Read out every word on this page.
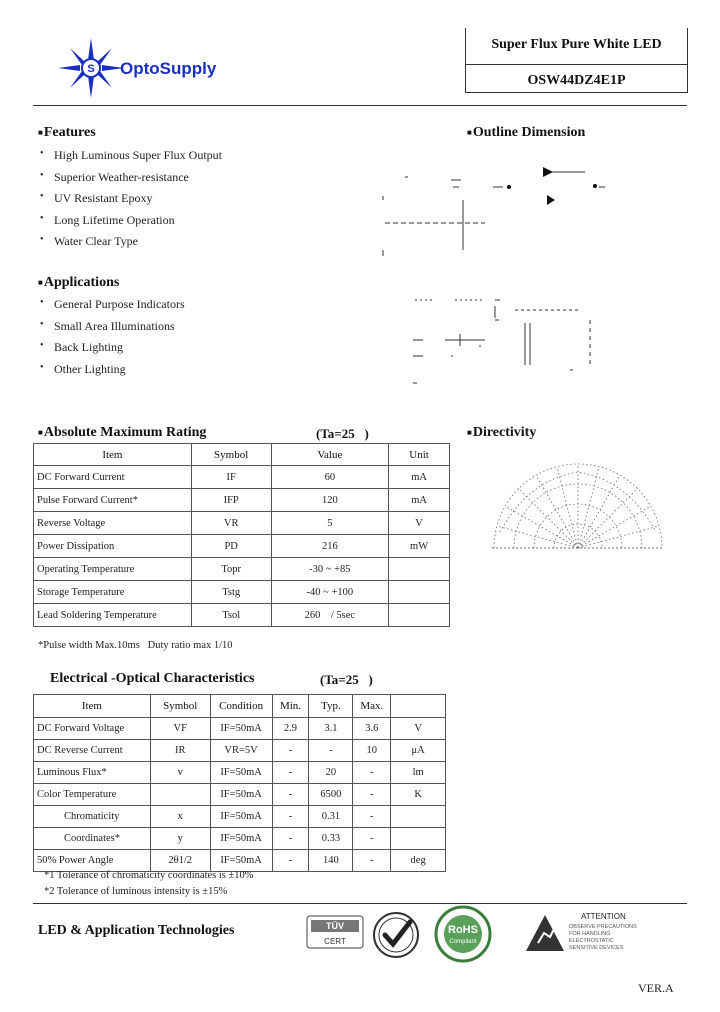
S OptoSupply
Super Flux Pure White LED
OSW44DZ4E1P
■Features
• High Luminous Super Flux Output
• Superior Weather-resistance
• UV Resistant Epoxy
• Long Lifetime Operation
• Water Clear Type
■Applications
• General Purpose Indicators
• Small Area Illuminations
• Back Lighting
• Other Lighting
■Outline Dimension
■Absolute Maximum Rating	(Ta=25   )
Item	Symbol	Value	Unit
DC Forward Current	IF	60	mA
Pulse Forward Current*	IFP	120	mA
Reverse Voltage	VR	5	V
Power Dissipation	PD	216	mW
Operating Temperature	Topr	-30 ~ +85	
Storage Temperature	Tstg	-40 ~ +100	
Lead Soldering Temperature	Tsol	260    / 5sec	
*Pulse width Max.10ms   Duty ratio max 1/10
■Directivity
Electrical -Optical Characteristics	(Ta=25   )
Item	Symbol	Condition	Min.	Typ.	Max.	
DC Forward Voltage	VF	IF=50mA	2.9	3.1	3.6	V
DC Reverse Current	IR	VR=5V	-	-	10	μA
Luminous Flux*	v	IF=50mA	-	20	-	lm
Color Temperature		IF=50mA	-	6500	-	K
Chromaticity	x	IF=50mA	-	0.31	-	
Coordinates*	y	IF=50mA	-	0.33	-	
50% Power Angle	2θ1/2	IF=50mA	-	140	-	deg
*1 Tolerance of chromaticity coordinates is ±10%
*2 Tolerance of luminous intensity is ±15%
LED & Application Technologies
CERT
TÜV	RoHS
Compliant
ATTENTION
OBSERVE PRECAUTIONS
FOR HANDLING
ELECTROSTATIC
SENSITIVE DEVICES
VER.A
